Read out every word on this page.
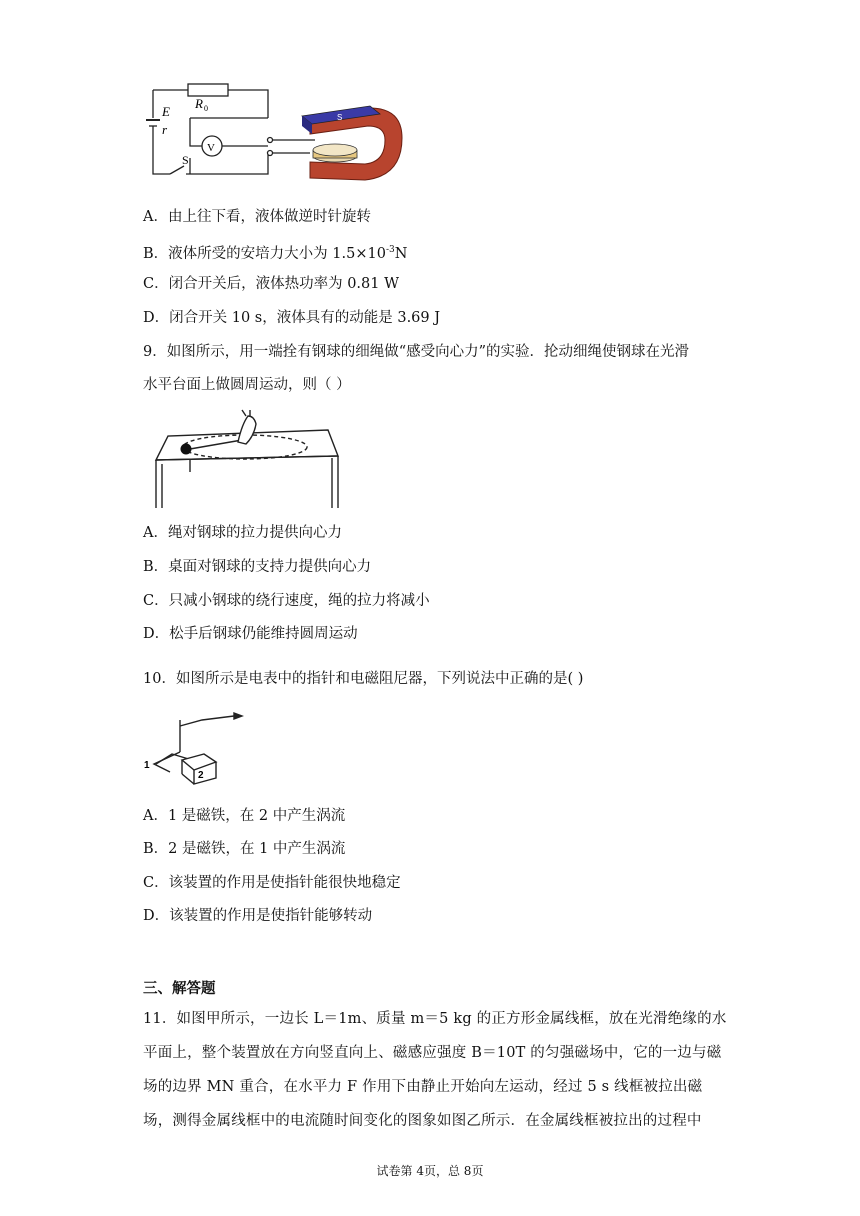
E
r
R 0
V
S
S
A．由上往下看，液体做逆时针旋转
B．液体所受的安培力大小为 $1.5\times 10^{-3}N$
C．闭合开关后，液体热功率为 0.81 W
D．闭合开关 10 s，液体具有的动能是 3.69 J
9．如图所示，用一端拴有钢球的细绳做“感受向心力”的实验．抡动细绳使钢球在光滑
水平台面上做圆周运动，则（ ）
A．绳对钢球的拉力提供向心力
B．桌面对钢球的支持力提供向心力
C．只减小钢球的绕行速度，绳的拉力将减小
D．松手后钢球仍能维持圆周运动
10．如图所示是电表中的指针和电磁阻尼器，下列说法中正确的是( )
1
2
A．1 是磁铁，在 2 中产生涡流
B．2 是磁铁，在 1 中产生涡流
C．该装置的作用是使指针能很快地稳定
D．该装置的作用是使指针能够转动
三、解答题
11．如图甲所示，一边长 L＝1m、质量 m＝5 kg 的正方形金属线框，放在光滑绝缘的水平面上，整个装置放在方向竖直向上、磁感应强度 B＝10T 的匀强磁场中，它的一边与磁场的边界 MN 重合，在水平力 F 作用下由静止开始向左运动，经过 5 s 线框被拉出磁场，测得金属线框中的电流随时间变化的图象如图乙所示．在金属线框被拉出的过程中
试卷第 4页，总 8页
